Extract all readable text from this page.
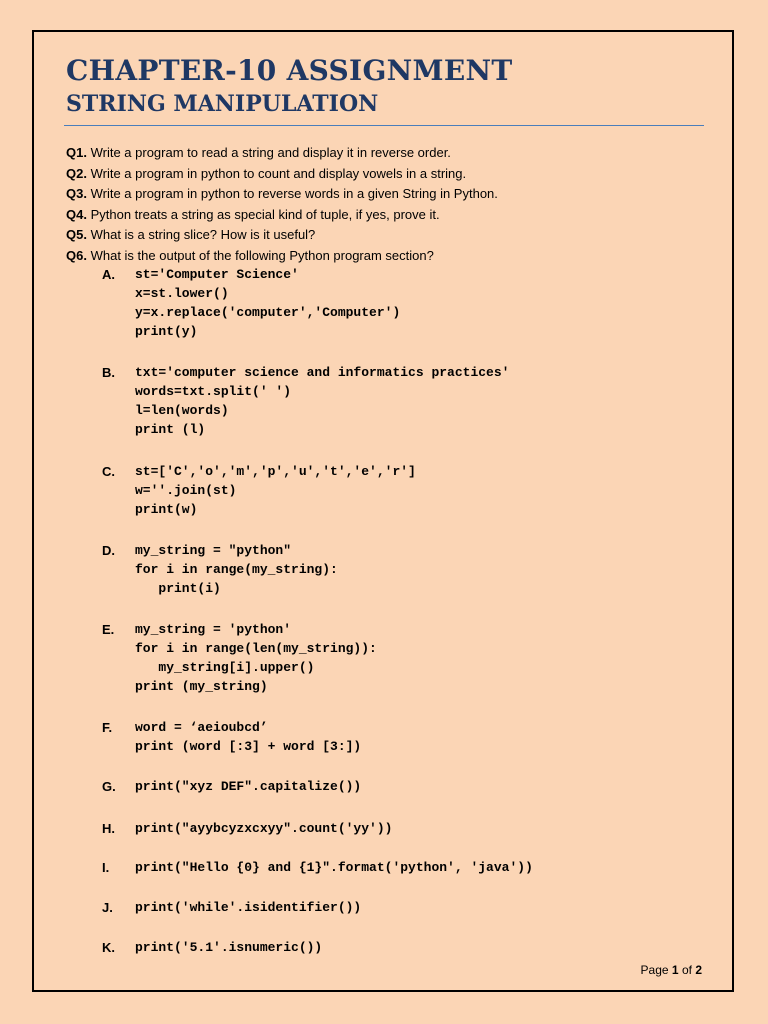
CHAPTER-10 ASSIGNMENT
STRING MANIPULATION
Q1. Write a program to read a string and display it in reverse order.
Q2. Write a program in python to count and display vowels in a string.
Q3. Write a program in python to reverse words in a given String in Python.
Q4. Python treats a string as special kind of tuple, if yes, prove it.
Q5. What is a string slice? How is it useful?
Q6. What is the output of the following Python program section?
A. st='Computer Science'
x=st.lower()
y=x.replace('computer','Computer')
print(y)
B. txt='computer science and informatics practices'
words=txt.split(' ')
l=len(words)
print (l)
C. st=['C','o','m','p','u','t','e','r']
w=''.join(st)
print(w)
D. my_string = "python"
for i in range(my_string):
print(i)
E. my_string = 'python'
for i in range(len(my_string)):
my_string[i].upper()
print (my_string)
F. word = ‘aeioubcd’
print (word [:3] + word [3:])
G. print("xyz DEF".capitalize())
H. print("ayybcyzxcxyy".count('yy'))
I. print("Hello {0} and {1}".format('python', 'java'))
J. print('while'.isidentifier())
K. print('5.1'.isnumeric())
Page 1 of 2
